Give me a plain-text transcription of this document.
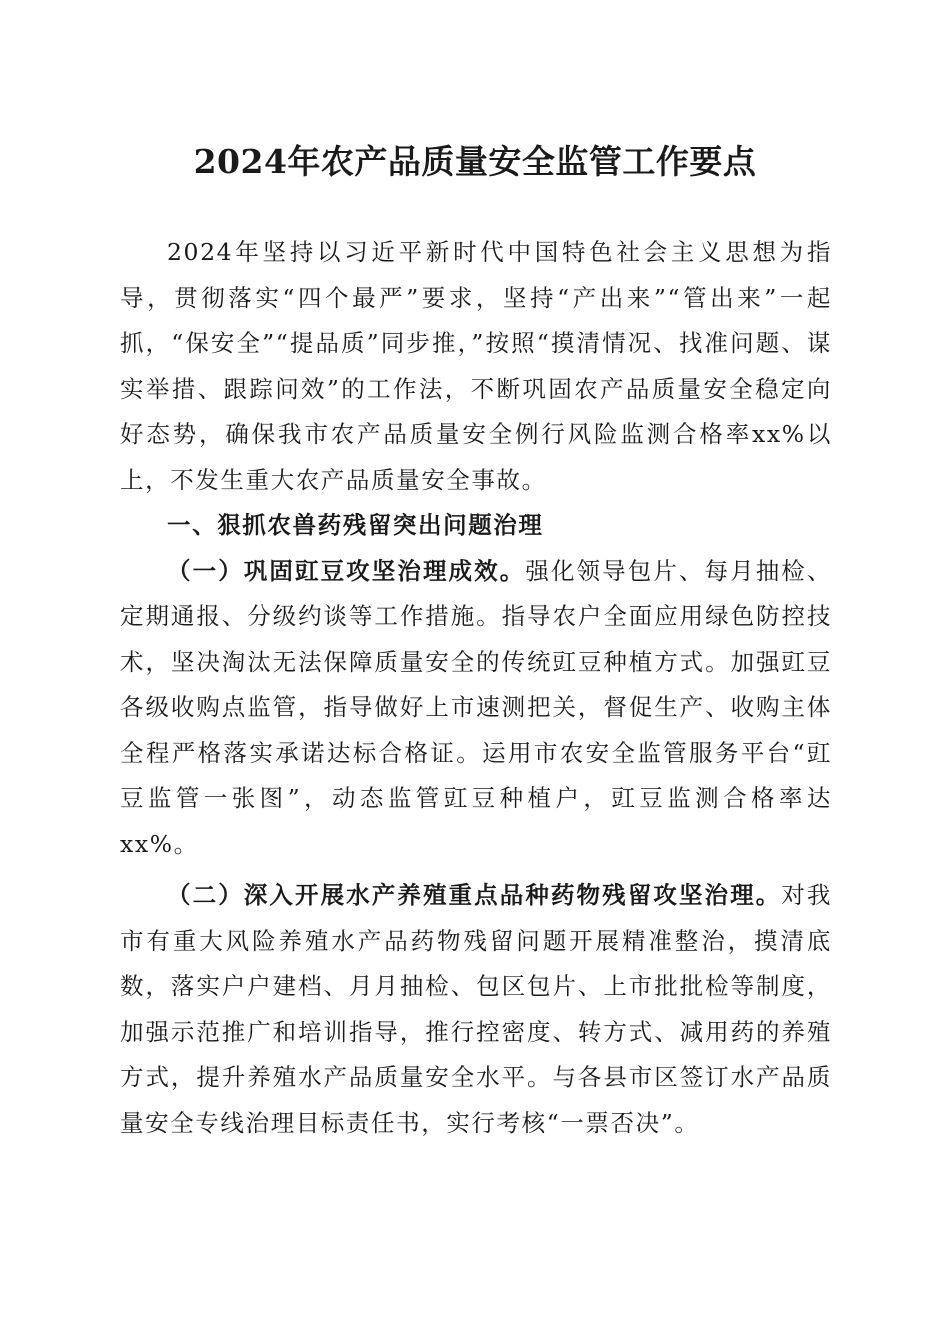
2024年农产品质量安全监管工作要点

2024年坚持以习近平新时代中国特色社会主义思想为指导，贯彻落实“四个最严”要求，坚持“产出来”“管出来”一起抓，“保安全”“提品质”同步推，”按照“摸清情况、找准问题、谋实举措、跟踪问效”的工作法，不断巩固农产品质量安全稳定向好态势，确保我市农产品质量安全例行风险监测合格率xx%以上，不发生重大农产品质量安全事故。

一、狠抓农兽药残留突出问题治理

（一）巩固豇豆攻坚治理成效。强化领导包片、每月抽检、定期通报、分级约谈等工作措施。指导农户全面应用绿色防控技术，坚决淘汰无法保障质量安全的传统豇豆种植方式。加强豇豆各级收购点监管，指导做好上市速测把关，督促生产、收购主体全程严格落实承诺达标合格证。运用市农安全监管服务平台“豇豆监管一张图”，动态监管豇豆种植户，豇豆监测合格率达xx%。

（二）深入开展水产养殖重点品种药物残留攻坚治理。对我市有重大风险养殖水产品药物残留问题开展精准整治，摸清底数，落实户户建档、月月抽检、包区包片、上市批批检等制度，加强示范推广和培训指导，推行控密度、转方式、减用药的养殖方式，提升养殖水产品质量安全水平。与各县市区签订水产品质量安全专线治理目标责任书，实行考核“一票否决”。
